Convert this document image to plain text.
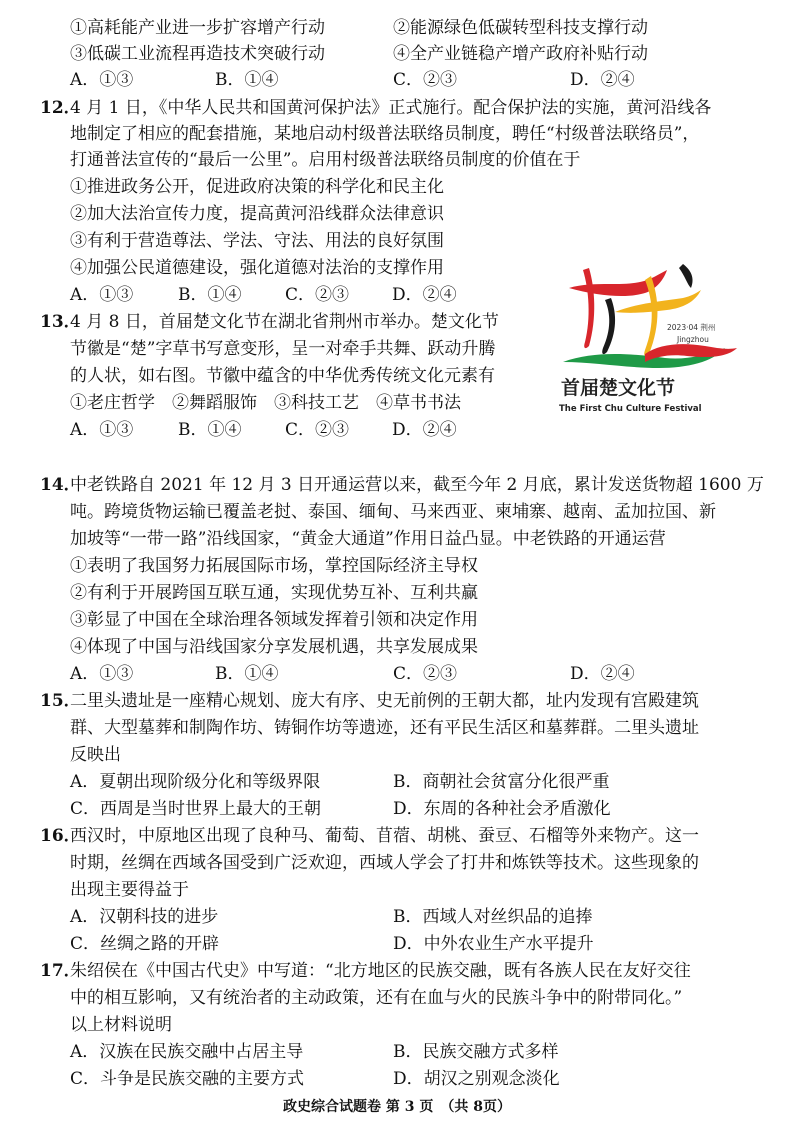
①高耗能产业进一步扩容增产行动	②能源绿色低碳转型科技支撑行动
③低碳工业流程再造技术突破行动	④全产业链稳产增产政府补贴行动
A．①③	B．①④	C．②③	D．②④
12．
4 月 1 日，《中华人民共和国黄河保护法》正式施行。配合保护法的实施，黄河沿线各
地制定了相应的配套措施，某地启动村级普法联络员制度，聘任“村级普法联络员”，
打通普法宣传的“最后一公里”。启用村级普法联络员制度的价值在于
①推进政务公开，促进政府决策的科学化和民主化
②加大法治宣传力度，提高黄河沿线群众法律意识
③有利于营造尊法、学法、守法、用法的良好氛围
④加强公民道德建设，强化道德对法治的支撑作用
A．①③	B．①④	C．②③	D．②④
13．
4 月 8 日，首届楚文化节在湖北省荆州市举办。楚文化节
节徽是“楚”字草书写意变形，呈一对牵手共舞、跃动升腾
的人状，如右图。节徽中蕴含的中华优秀传统文化元素有
①老庄哲学　②舞蹈服饰　③科技工艺　④草书书法
A．①③	B．①④	C．②③	D．②④
2023·04 荆州
Jingzhou
首届楚文化节
The First Chu Culture Festival
14．
中老铁路自 2021 年 12 月 3 日开通运营以来，截至今年 2 月底，累计发送货物超 1600 万
吨。跨境货物运输已覆盖老挝、泰国、缅甸、马来西亚、柬埔寨、越南、孟加拉国、新
加坡等“一带一路”沿线国家，“黄金大通道”作用日益凸显。中老铁路的开通运营
①表明了我国努力拓展国际市场，掌控国际经济主导权
②有利于开展跨国互联互通，实现优势互补、互利共赢
③彰显了中国在全球治理各领域发挥着引领和决定作用
④体现了中国与沿线国家分享发展机遇，共享发展成果
A．①③	B．①④	C．②③	D．②④
15．
二里头遗址是一座精心规划、庞大有序、史无前例的王朝大都，址内发现有宫殿建筑
群、大型墓葬和制陶作坊、铸铜作坊等遗迹，还有平民生活区和墓葬群。二里头遗址
反映出
A．夏朝出现阶级分化和等级界限	B．商朝社会贫富分化很严重
C．西周是当时世界上最大的王朝	D．东周的各种社会矛盾激化
16．
西汉时，中原地区出现了良种马、葡萄、苜蓿、胡桃、蚕豆、石榴等外来物产。这一
时期，丝绸在西域各国受到广泛欢迎，西域人学会了打井和炼铁等技术。这些现象的
出现主要得益于
A．汉朝科技的进步	B．西域人对丝织品的追捧
C．丝绸之路的开辟	D．中外农业生产水平提升
17．
朱绍侯在《中国古代史》中写道：“北方地区的民族交融，既有各族人民在友好交往
中的相互影响，又有统治者的主动政策，还有在血与火的民族斗争中的附带同化。”
以上材料说明
A．汉族在民族交融中占居主导	B．民族交融方式多样
C．斗争是民族交融的主要方式	D．胡汉之别观念淡化
政史综合试题卷 第 3 页　（共 8页）
